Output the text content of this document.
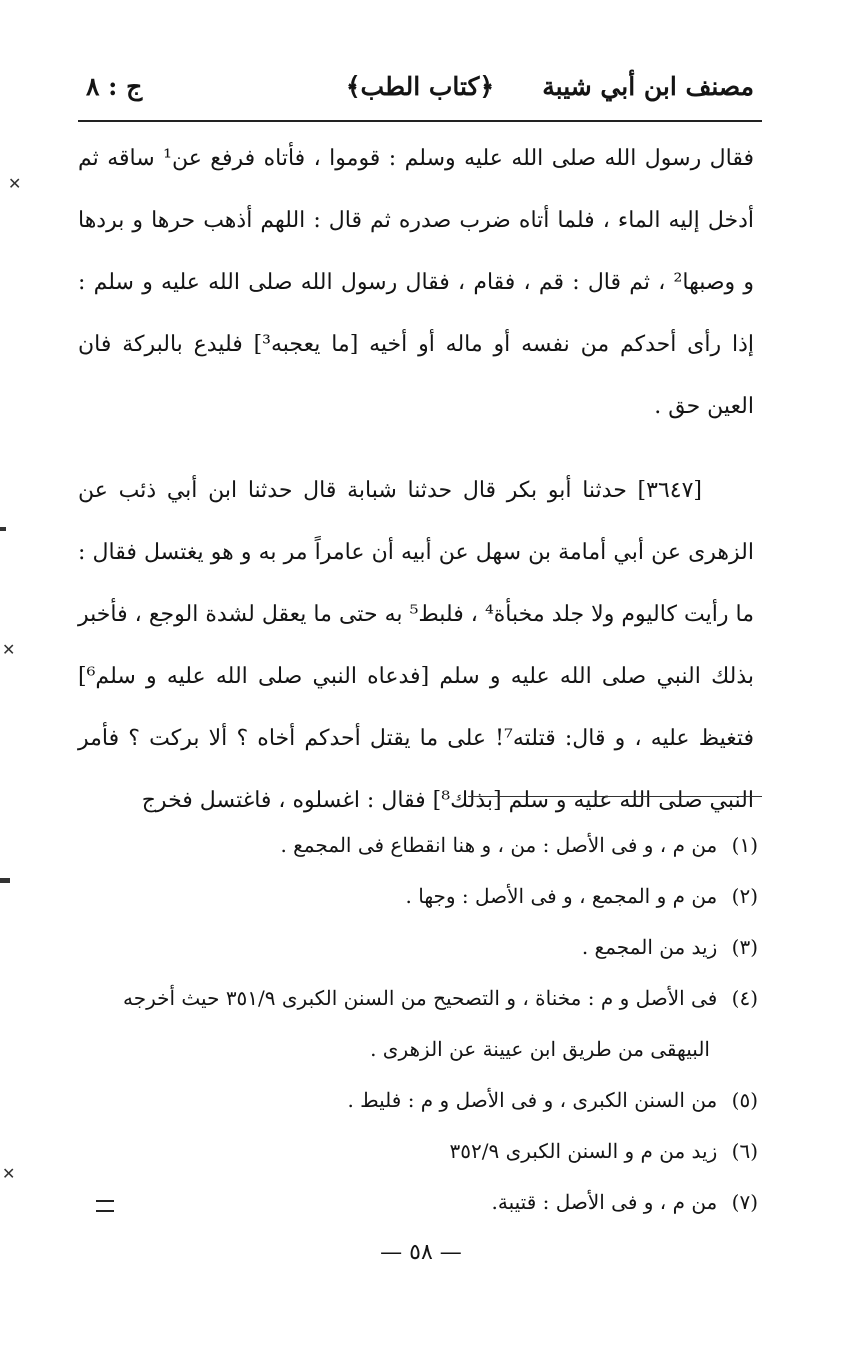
مصنف ابن أبي شيبة
﴿كتاب الطب﴾
ج : ٨

فقال رسول الله صلى الله عليه وسلم : قوموا ، فأتاه فرفع عن¹ ساقه ثم أدخل إليه الماء ، فلما أتاه ضرب صدره ثم قال : اللهم أذهب حرها و بردها و وصبها² ، ثم قال : قم ، فقام ، فقال رسول الله صلى الله عليه و سلم : إذا رأى أحدكم من نفسه أو ماله أو أخيه [ما يعجبه³] فليدع بالبركة فان العين حق .

[٣٦٤٧] حدثنا أبو بكر قال حدثنا شبابة قال حدثنا ابن أبي ذئب عن الزهرى عن أبي أمامة بن سهل عن أبيه أن عامراً مر به و هو يغتسل فقال : ما رأيت كاليوم ولا جلد مخبأة⁴ ، فلبط⁵ به حتى ما يعقل لشدة الوجع ، فأخبر بذلك النبي صلى الله عليه و سلم [فدعاه النبي صلى الله عليه و سلم⁶] فتغيظ عليه ، و قال: قتلته⁷! على ما يقتل أحدكم أخاه ؟ ألا بركت ؟ فأمر النبي صلى الله عليه و سلم [بذلك⁸] فقال : اغسلوه ، فاغتسل فخرج

(١) من م ، و فى الأصل : من ، و هنا انقطاع فى المجمع .

(٢) من م و المجمع ، و فى الأصل : وجها .

(٣) زيد من المجمع .

(٤) فى الأصل و م : مخناة ، و التصحيح من السنن الكبرى ٣٥١/٩ حيث أخرجه

البيهقى من طريق ابن عيينة عن الزهرى .

(٥) من السنن الكبرى ، و فى الأصل و م : فليط .

(٦) زيد من م و السنن الكبرى ٣٥٢/٩

(٧) من م ، و فى الأصل : قتيبة.

✕
✕
✕
— ٥٨ —
